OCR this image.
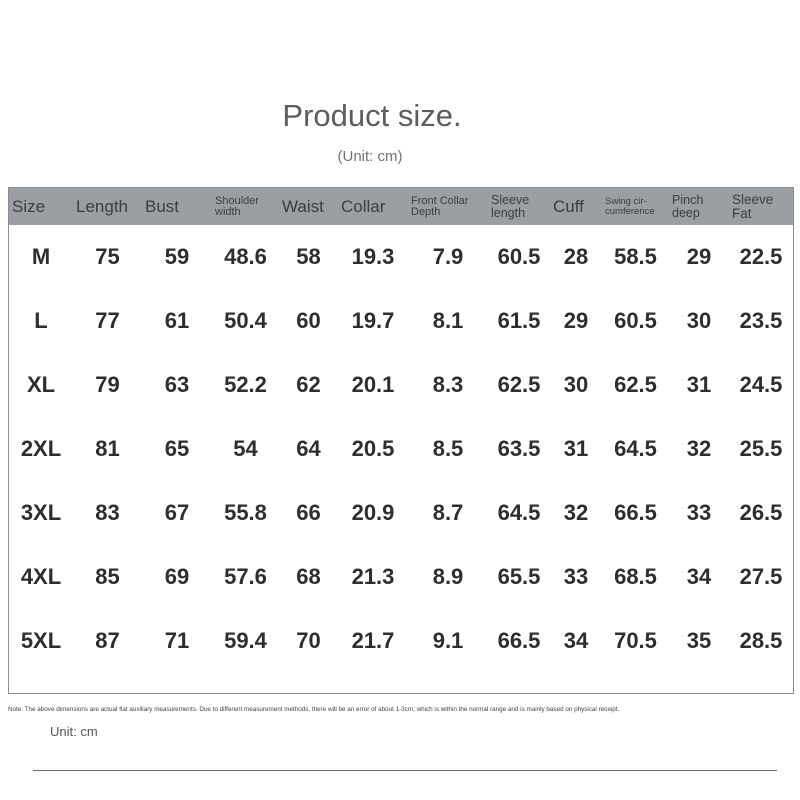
Product size.
(Unit: cm)
Size	Length	Bust	Shoulder width	Waist	Collar	Front Collar Depth	Sleeve length	Cuff	Swing cir-cumference	Pinch deep	Sleeve Fat
M	75	59	48.6	58	19.3	7.9	60.5	28	58.5	29	22.5
L	77	61	50.4	60	19.7	8.1	61.5	29	60.5	30	23.5
XL	79	63	52.2	62	20.1	8.3	62.5	30	62.5	31	24.5
2XL	81	65	54	64	20.5	8.5	63.5	31	64.5	32	25.5
3XL	83	67	55.8	66	20.9	8.7	64.5	32	66.5	33	26.5
4XL	85	69	57.6	68	21.3	8.9	65.5	33	68.5	34	27.5
5XL	87	71	59.4	70	21.7	9.1	66.5	34	70.5	35	28.5
Note: The above dimensions are actual flat auxiliary measurements. Due to different measurement methods, there will be an error of about 1-3cm, which is within the normal range and is mainly based on physical receipt.
Unit: cm
